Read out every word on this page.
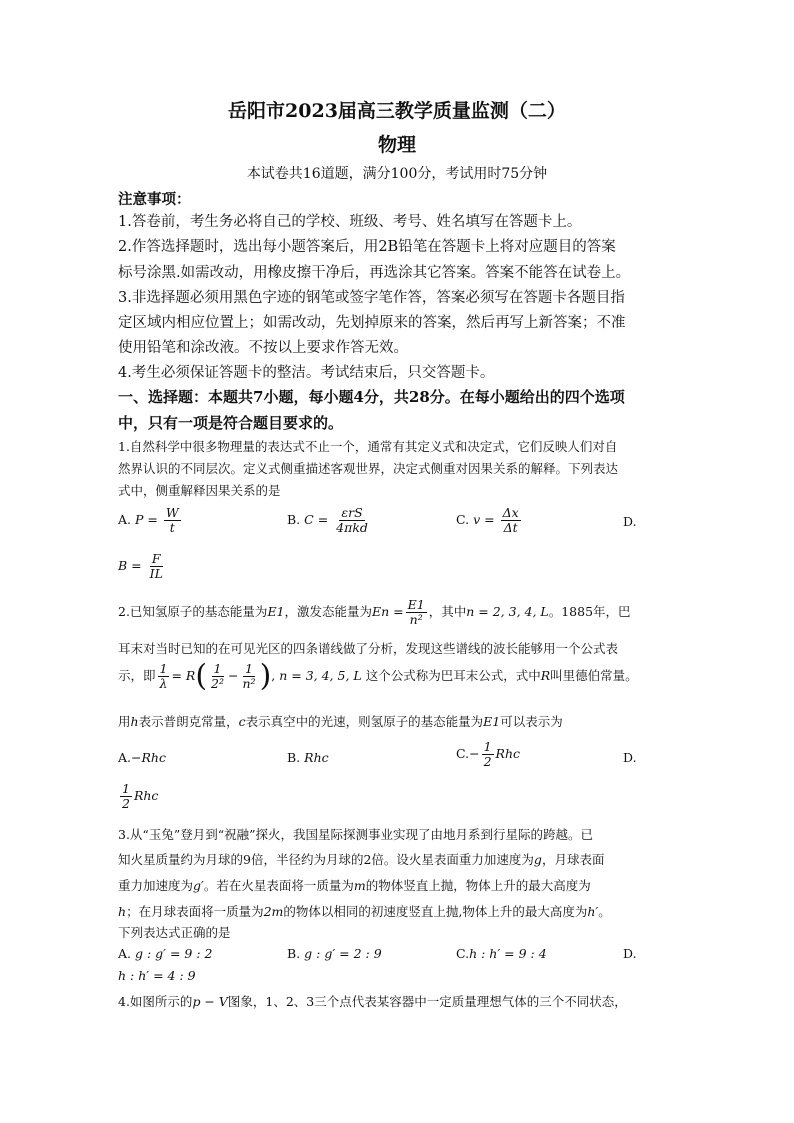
岳阳市2023届高三教学质量监测（二）
物理
本试卷共16道题，满分100分，考试用时75分钟
注意事项：
1.答卷前，考生务必将自己的学校、班级、考号、姓名填写在答题卡上。
2.作答选择题时，选出每小题答案后，用2B铅笔在答题卡上将对应题目的答案
标号涂黑.如需改动，用橡皮擦干净后，再选涂其它答案。答案不能答在试卷上。
3.非选择题必须用黑色字迹的钢笔或签字笔作答，答案必须写在答题卡各题目指
定区域内相应位置上；如需改动，先划掉原来的答案，然后再写上新答案；不准
使用铅笔和涂改液。不按以上要求作答无效。
4.考生必须保证答题卡的整洁。考试结束后，只交答题卡。
一、选择题：本题共7小题，每小题4分，共28分。在每小题给出的四个选项
中，只有一项是符合题目要求的。
1.自然科学中很多物理量的表达式不止一个，通常有其定义式和决定式，它们反映人们对自
然界认识的不同层次。定义式侧重描述客观世界，决定式侧重对因果关系的解释。下列表达
式中，侧重解释因果关系的是
A. $P = \frac{W}{t}$	B. $C = \frac{\text{εrS}}{\text{4πkd}}$	C. $v = \frac{\Delta x}{\Delta t}$	D.
$B = \frac{F}{IL}$
2.已知氢原子的基态能量为E1，激发态能量为$En = \frac{E1}{\text{n²}}$ ，其中n = 2, 3, 4, L。1885年，巴
耳末对当时已知的在可见光区的四条谱线做了分析，发现这些谱线的波长能够用一个公式表
示，即 $\frac{1}{\lambda} = R( \frac{1}{\text{2²}} - \frac{1}{\text{n²}}$ ), n = 3, 4, 5, L 这个公式称为巴耳末公式，式中R叫里德伯常量。
用h表示普朗克常量，c表示真空中的光速，则氢原子的基态能量为E1可以表示为
A.−Rhc	B. Rhc	$C.- \frac{1}{2}$ Rhc	D.
$\frac{1}{2}$ Rhc
3.从“玉兔”登月到“祝融”探火，我国星际探测事业实现了由地月系到行星际的跨越。已
知火星质量约为月球的9倍，半径约为月球的2倍。设火星表面重力加速度为g，月球表面
重力加速度为g′。若在火星表面将一质量为m的物体竖直上抛，物体上升的最大高度为
h；在月球表面将一质量为2m的物体以相同的初速度竖直上抛,物体上升的最大高度为h′。
下列表达式正确的是
A. g : g′ = 9 : 2	B. g : g′ = 2 : 9	C.h : h′ = 9 : 4	D.
h : h′ = 4 : 9
4.如图所示的p − V图象，1、2、3三个点代表某容器中一定质量理想气体的三个不同状态，
